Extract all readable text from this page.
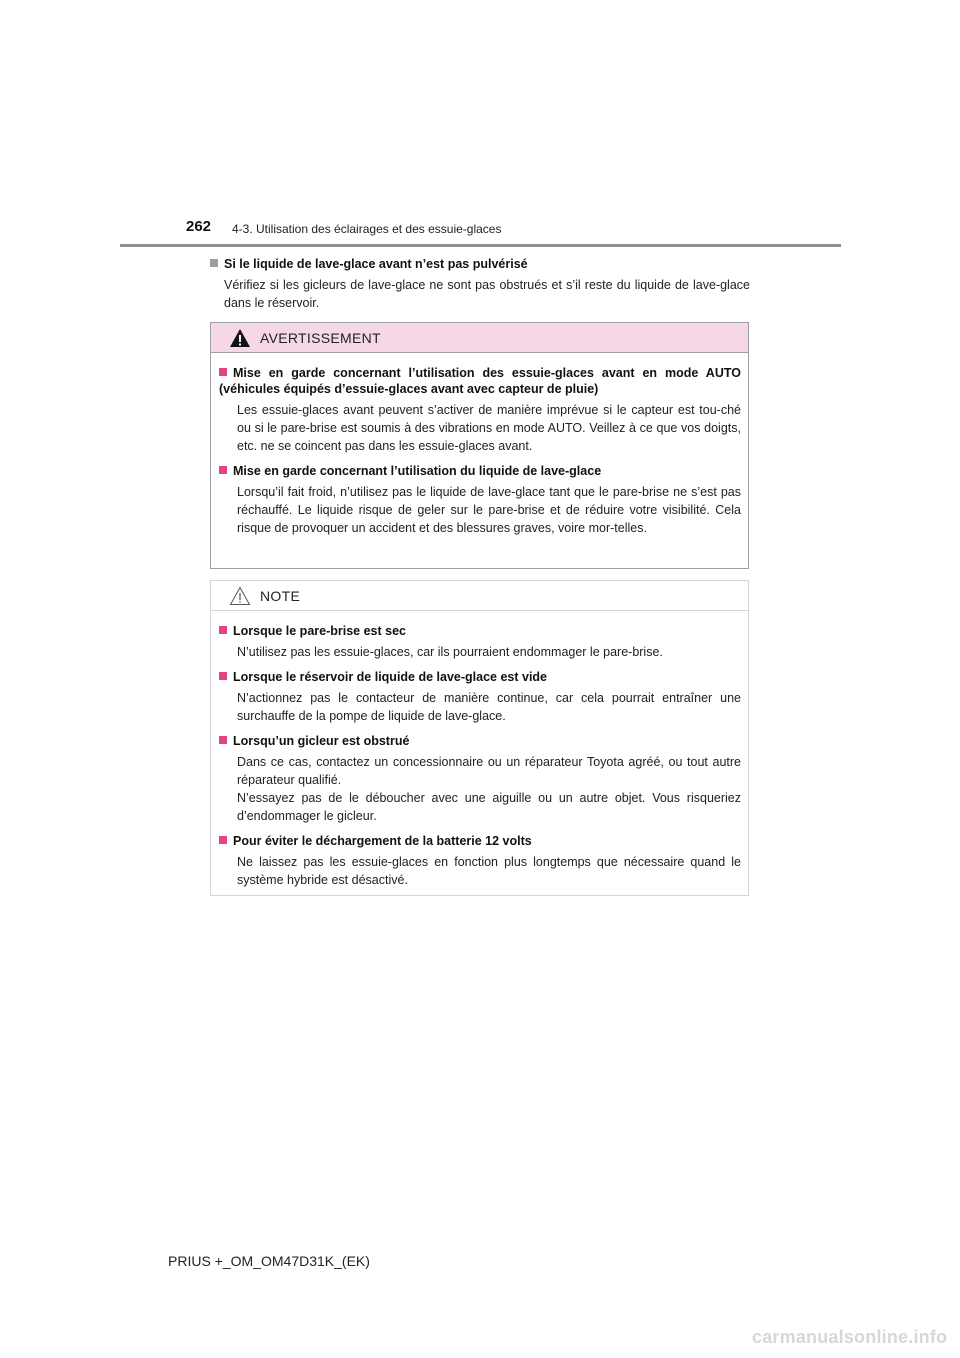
262 4-3. Utilisation des éclairages et des essuie-glaces
Si le liquide de lave-glace avant n’est pas pulvérisé
Vérifiez si les gicleurs de lave-glace ne sont pas obstrués et s’il reste du liquide de lave-glace dans le réservoir.
AVERTISSEMENT
Mise en garde concernant l’utilisation des essuie-glaces avant en mode AUTO (véhicules équipés d’essuie-glaces avant avec capteur de pluie)
Les essuie-glaces avant peuvent s’activer de manière imprévue si le capteur est tou-ché ou si le pare-brise est soumis à des vibrations en mode AUTO. Veillez à ce que vos doigts, etc. ne se coincent pas dans les essuie-glaces avant.
Mise en garde concernant l’utilisation du liquide de lave-glace
Lorsqu’il fait froid, n’utilisez pas le liquide de lave-glace tant que le pare-brise ne s’est pas réchauffé. Le liquide risque de geler sur le pare-brise et de réduire votre visibilité. Cela risque de provoquer un accident et des blessures graves, voire mor-telles.
NOTE
Lorsque le pare-brise est sec
N’utilisez pas les essuie-glaces, car ils pourraient endommager le pare-brise.
Lorsque le réservoir de liquide de lave-glace est vide
N’actionnez pas le contacteur de manière continue, car cela pourrait entraîner une surchauffe de la pompe de liquide de lave-glace.
Lorsqu’un gicleur est obstrué
Dans ce cas, contactez un concessionnaire ou un réparateur Toyota agréé, ou tout autre réparateur qualifié.
N’essayez pas de le déboucher avec une aiguille ou un autre objet. Vous risqueriez d’endommager le gicleur.
Pour éviter le déchargement de la batterie 12 volts
Ne laissez pas les essuie-glaces en fonction plus longtemps que nécessaire quand le système hybride est désactivé.
PRIUS +_OM_OM47D31K_(EK)
carmanualsonline.info
